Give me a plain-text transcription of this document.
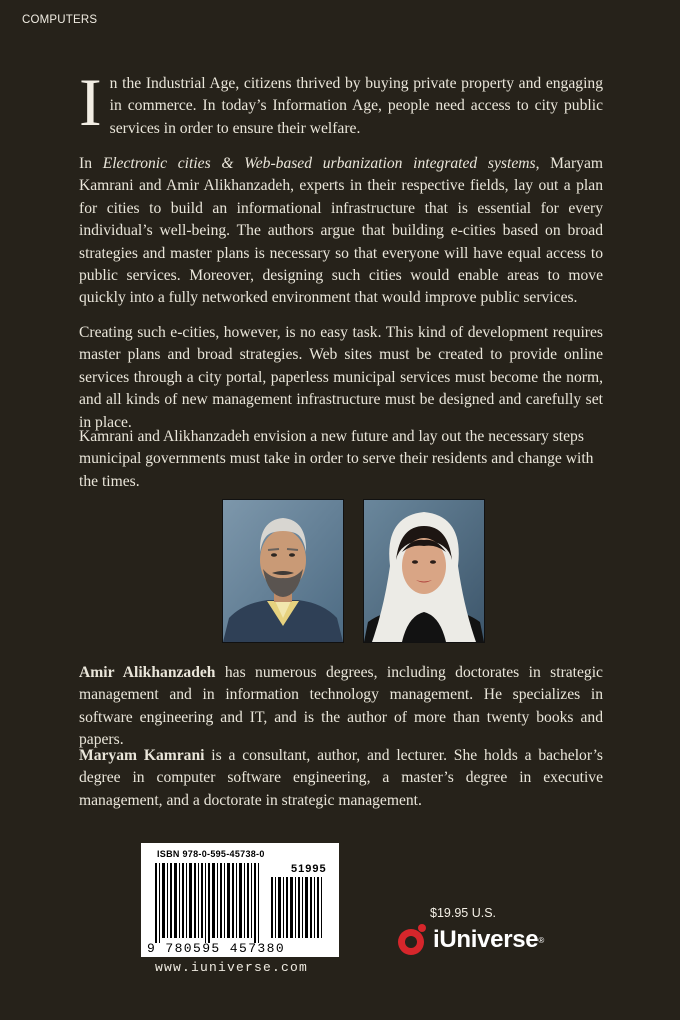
COMPUTERS

In the Industrial Age, citizens thrived by buying private property and engaging in commerce. In today’s Information Age, people need access to city public services in order to ensure their welfare.

In Electronic cities & Web-based urbanization integrated systems, Maryam Kamrani and Amir Alikhanzadeh, experts in their respective fields, lay out a plan for cities to build an informational infrastructure that is essential for every individual’s well-being. The authors argue that building e-cities based on broad strategies and master plans is necessary so that everyone will have equal access to public services. Moreover, designing such cities would enable areas to move quickly into a fully networked environment that would improve public services.

Creating such e-cities, however, is no easy task. This kind of development requires master plans and broad strategies. Web sites must be created to provide online services through a city portal, paperless municipal services must become the norm, and all kinds of new management infrastructure must be designed and carefully set in place.

Kamrani and Alikhanzadeh envision a new future and lay out the necessary steps municipal governments must take in order to serve their residents and change with the times.

Amir Alikhanzadeh has numerous degrees, including doctorates in strategic management and in information technology management. He specializes in software engineering and IT, and is the author of more than twenty books and papers.

Maryam Kamrani is a consultant, author, and lecturer. She holds a bachelor’s degree in computer software engineering, a master’s degree in executive management, and a doctorate in strategic management.

ISBN 978-0-595-45738-0
51995
9 780595 457380
www.iuniverse.com
$19.95 U.S.
iUniverse ®
